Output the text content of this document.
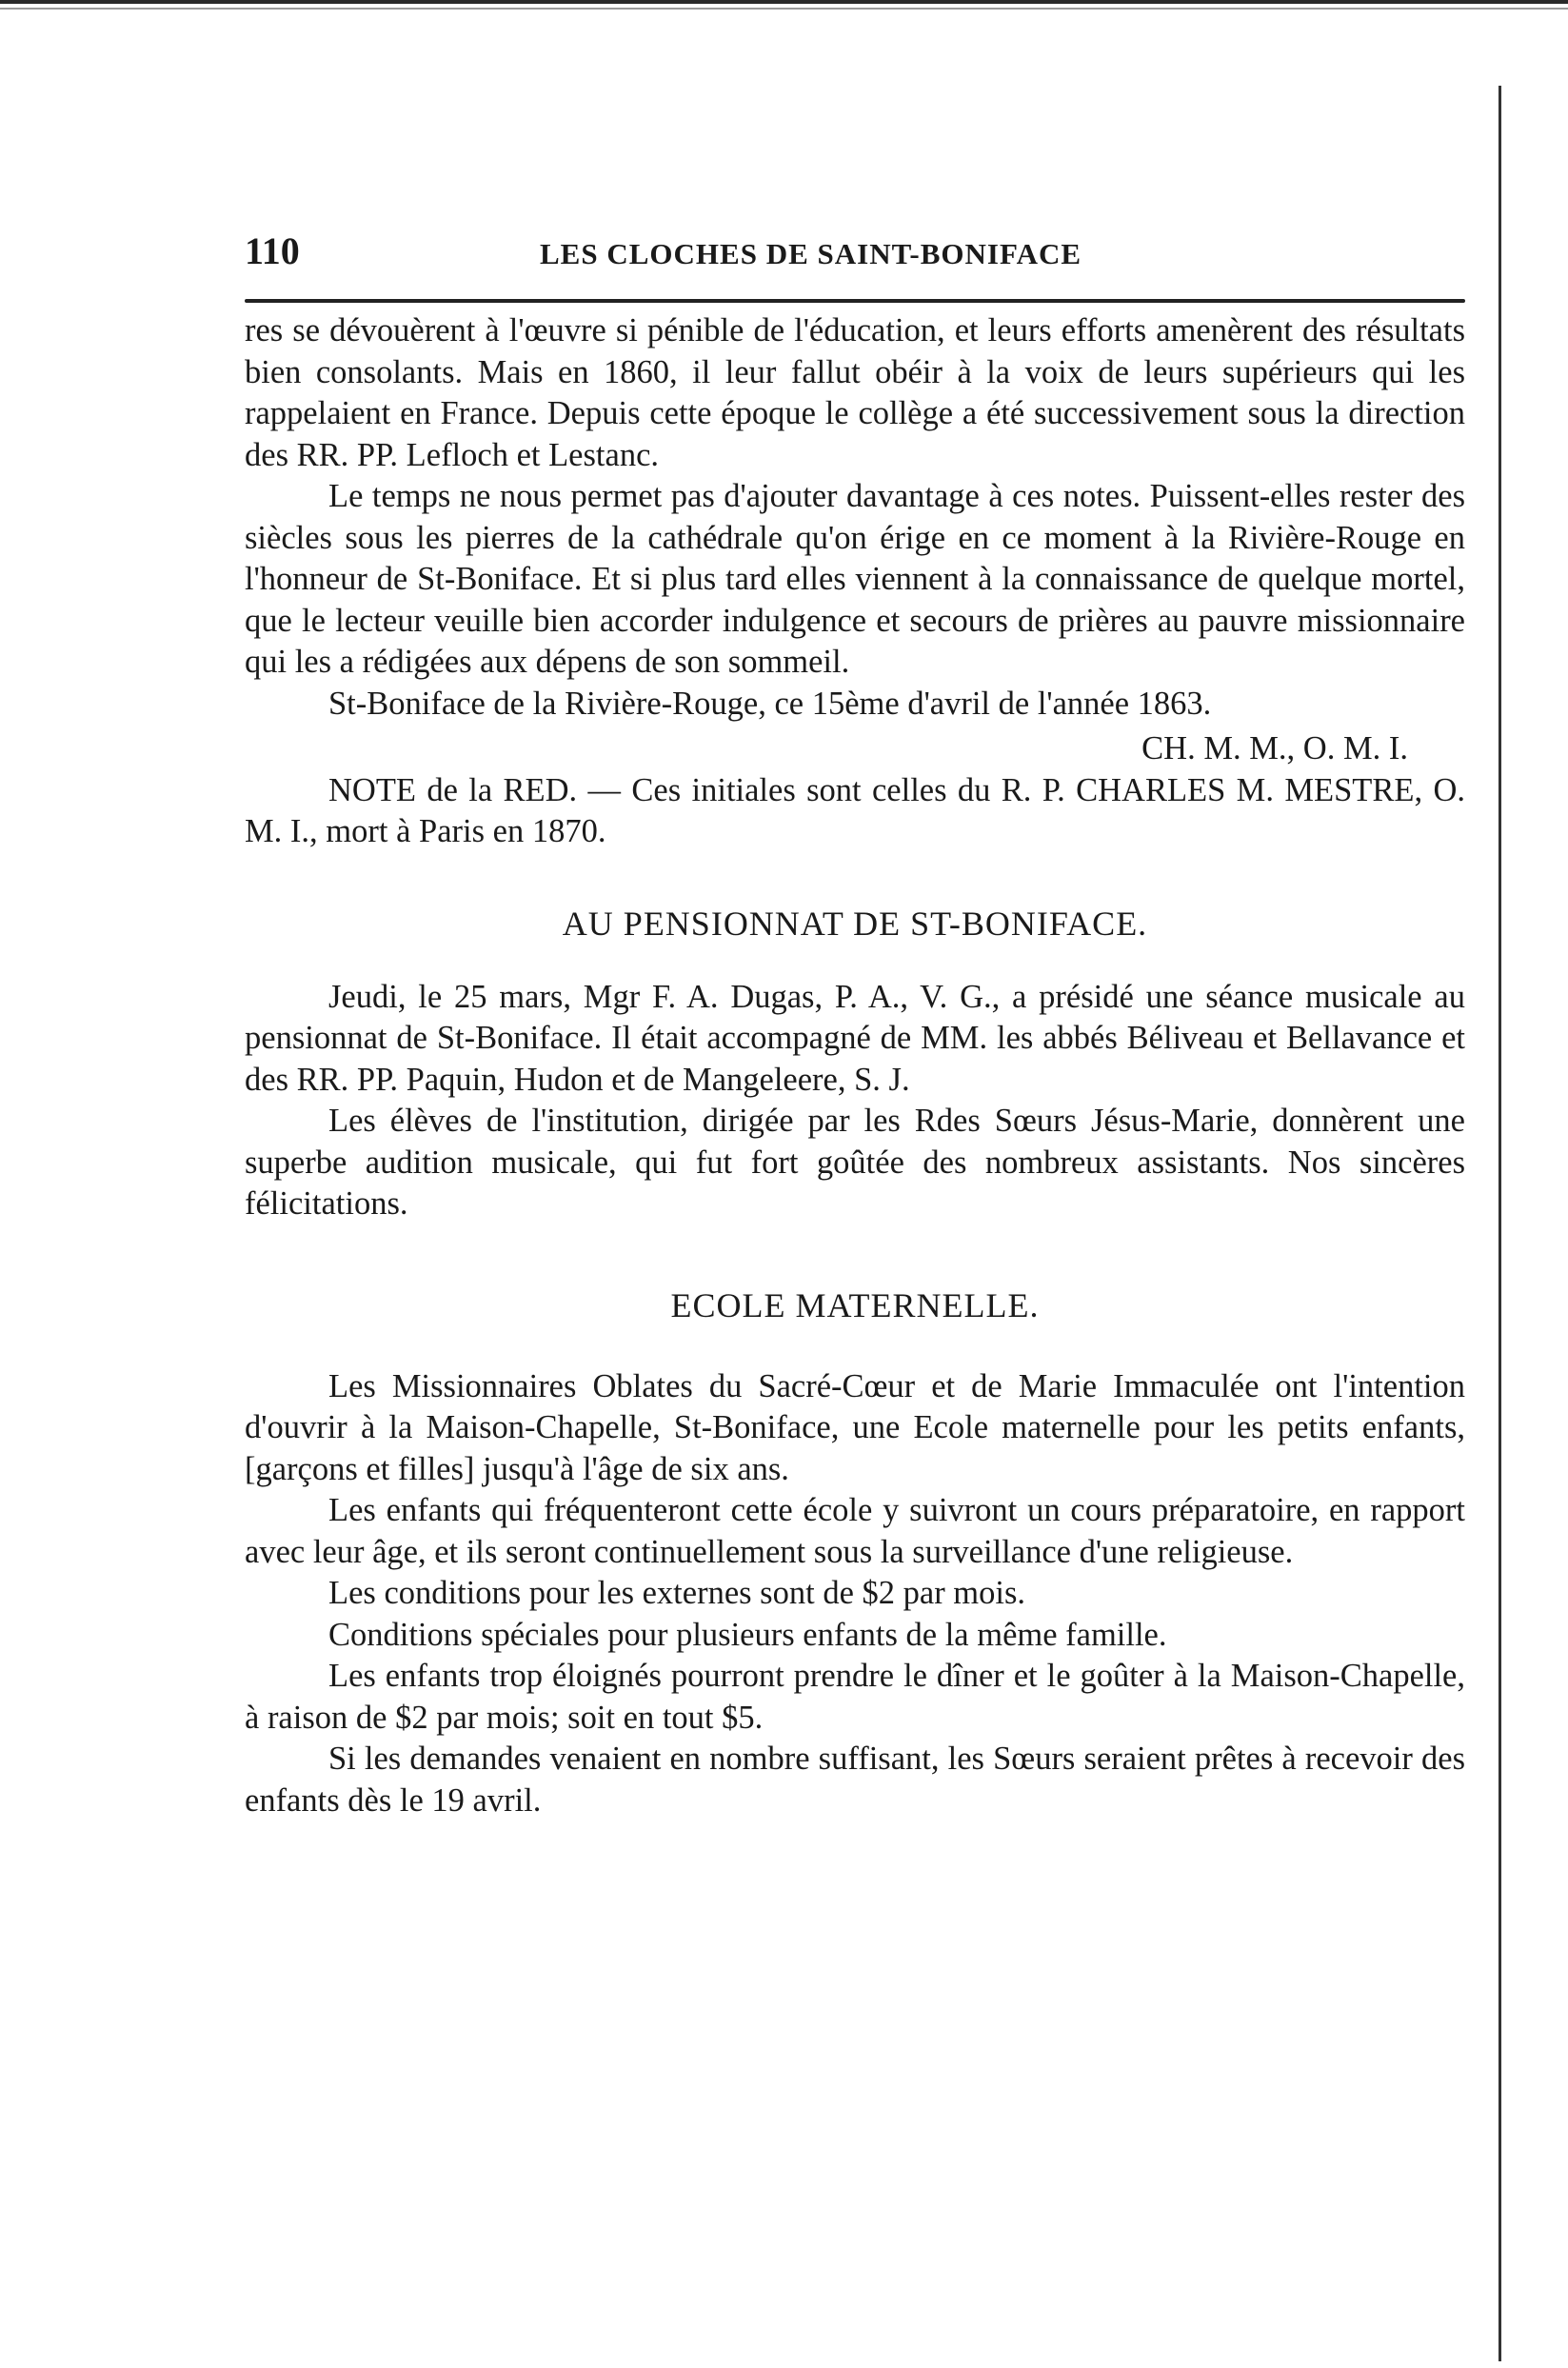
110	LES CLOCHES DE SAINT-BONIFACE

res se dévouèrent à l'œuvre si pénible de l'éducation, et leurs efforts amenèrent des résultats bien consolants. Mais en 1860, il leur fallut obéir à la voix de leurs supérieurs qui les rappelaient en France. Depuis cette époque le collège a été successivement sous la direction des RR. PP. Lefloch et Lestanc.

Le temps ne nous permet pas d'ajouter davantage à ces notes. Puissent-elles rester des siècles sous les pierres de la cathédrale qu'on érige en ce moment à la Rivière-Rouge en l'honneur de St-Boniface. Et si plus tard elles viennent à la connaissance de quelque mortel, que le lecteur veuille bien accorder indulgence et secours de prières au pauvre missionnaire qui les a rédigées aux dépens de son sommeil.

St-Boniface de la Rivière-Rouge, ce 15ème d'avril de l'année 1863.

CH. M. M., O. M. I.

NOTE de la RED. — Ces initiales sont celles du R. P. CHARLES M. MESTRE, O. M. I., mort à Paris en 1870.

AU PENSIONNAT DE ST-BONIFACE.

Jeudi, le 25 mars, Mgr F. A. Dugas, P. A., V. G., a présidé une séance musicale au pensionnat de St-Boniface. Il était accompagné de MM. les abbés Béliveau et Bellavance et des RR. PP. Paquin, Hudon et de Mangeleere, S. J.

Les élèves de l'institution, dirigée par les Rdes Sœurs Jésus-Marie, donnèrent une superbe audition musicale, qui fut fort goûtée des nombreux assistants. Nos sincères félicitations.

ECOLE MATERNELLE.

Les Missionnaires Oblates du Sacré-Cœur et de Marie Immaculée ont l'intention d'ouvrir à la Maison-Chapelle, St-Boniface, une Ecole maternelle pour les petits enfants, [garçons et filles] jusqu'à l'âge de six ans.

Les enfants qui fréquenteront cette école y suivront un cours préparatoire, en rapport avec leur âge, et ils seront continuellement sous la surveillance d'une religieuse.

Les conditions pour les externes sont de $2 par mois.

Conditions spéciales pour plusieurs enfants de la même famille.

Les enfants trop éloignés pourront prendre le dîner et le goûter à la Maison-Chapelle, à raison de $2 par mois; soit en tout $5.

Si les demandes venaient en nombre suffisant, les Sœurs seraient prêtes à recevoir des enfants dès le 19 avril.
